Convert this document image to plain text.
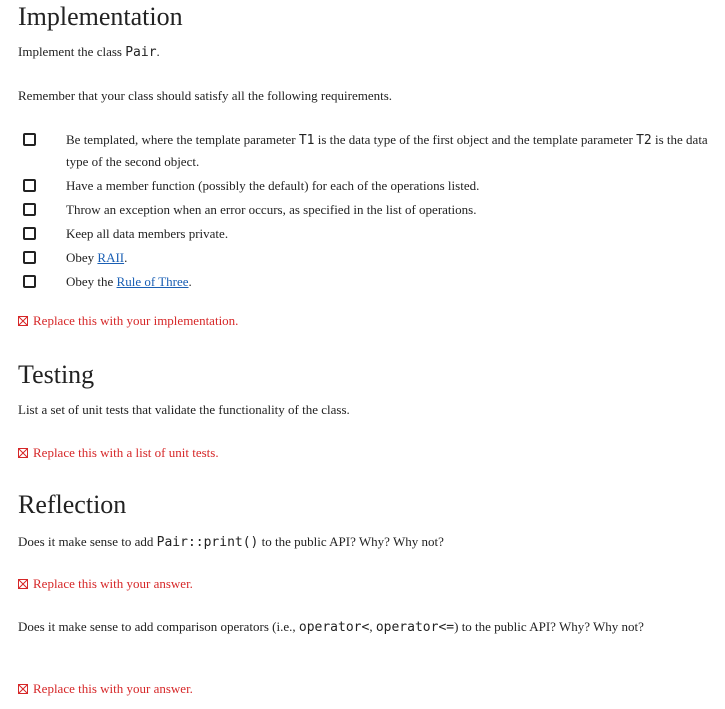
Implementation

Implement the class Pair.

Remember that your class should satisfy all the following requirements.

Be templated, where the template parameter T1 is the data type of the first object and the template parameter T2 is the data type of the second object.
Have a member function (possibly the default) for each of the operations listed.
Throw an exception when an error occurs, as specified in the list of operations.
Keep all data members private.
Obey RAII.
Obey the Rule of Three.
Replace this with your implementation.
Testing

List a set of unit tests that validate the functionality of the class.

Replace this with a list of unit tests.
Reflection

Does it make sense to add Pair::print() to the public API? Why? Why not?

Replace this with your answer.

Does it make sense to add comparison operators (i.e., operator<, operator<=) to the public API? Why? Why not?

Replace this with your answer.
